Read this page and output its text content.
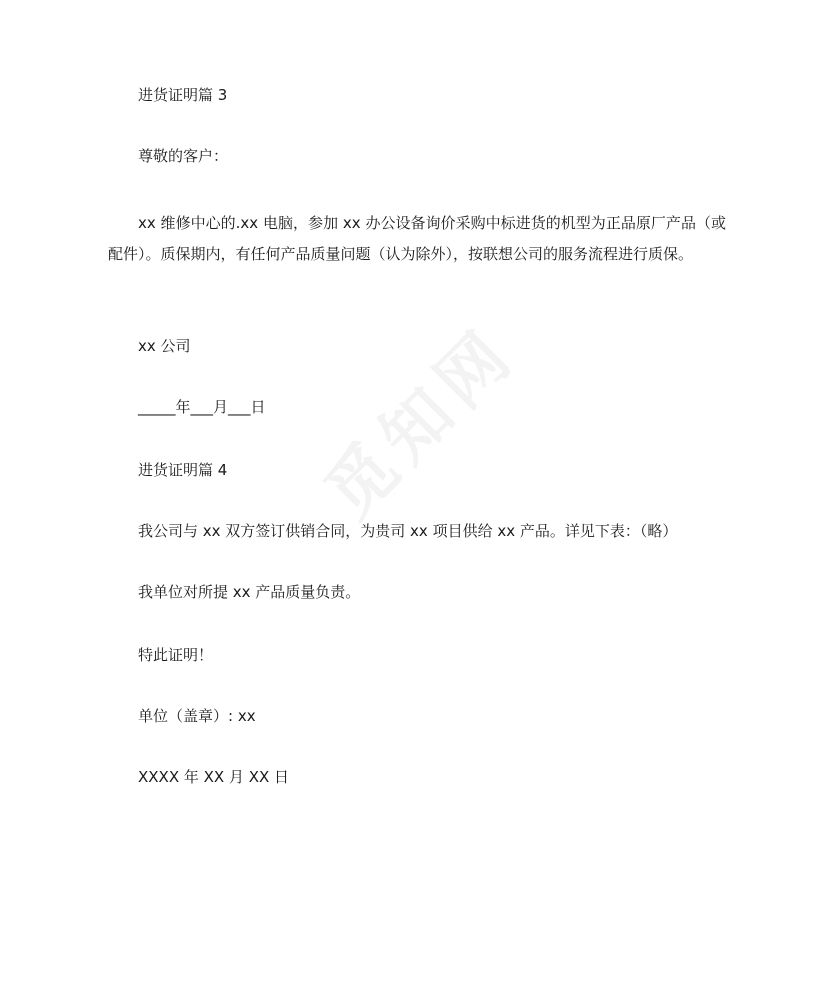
觅知网

进货证明篇 3

尊敬的客户：

xx 维修中心的.xx 电脑，参加 xx 办公设备询价采购中标进货的机型为正品原厂产品（或配件）。质保期内，有任何产品质量问题（认为除外），按联想公司的服务流程进行质保。

xx 公司

_____年___月___日

进货证明篇 4

我公司与 xx 双方签订供销合同，为贵司 xx 项目供给 xx 产品。详见下表：（略）

我单位对所提 xx 产品质量负责。

特此证明！

单位（盖章）: xx

XXXX 年 XX 月 XX 日
